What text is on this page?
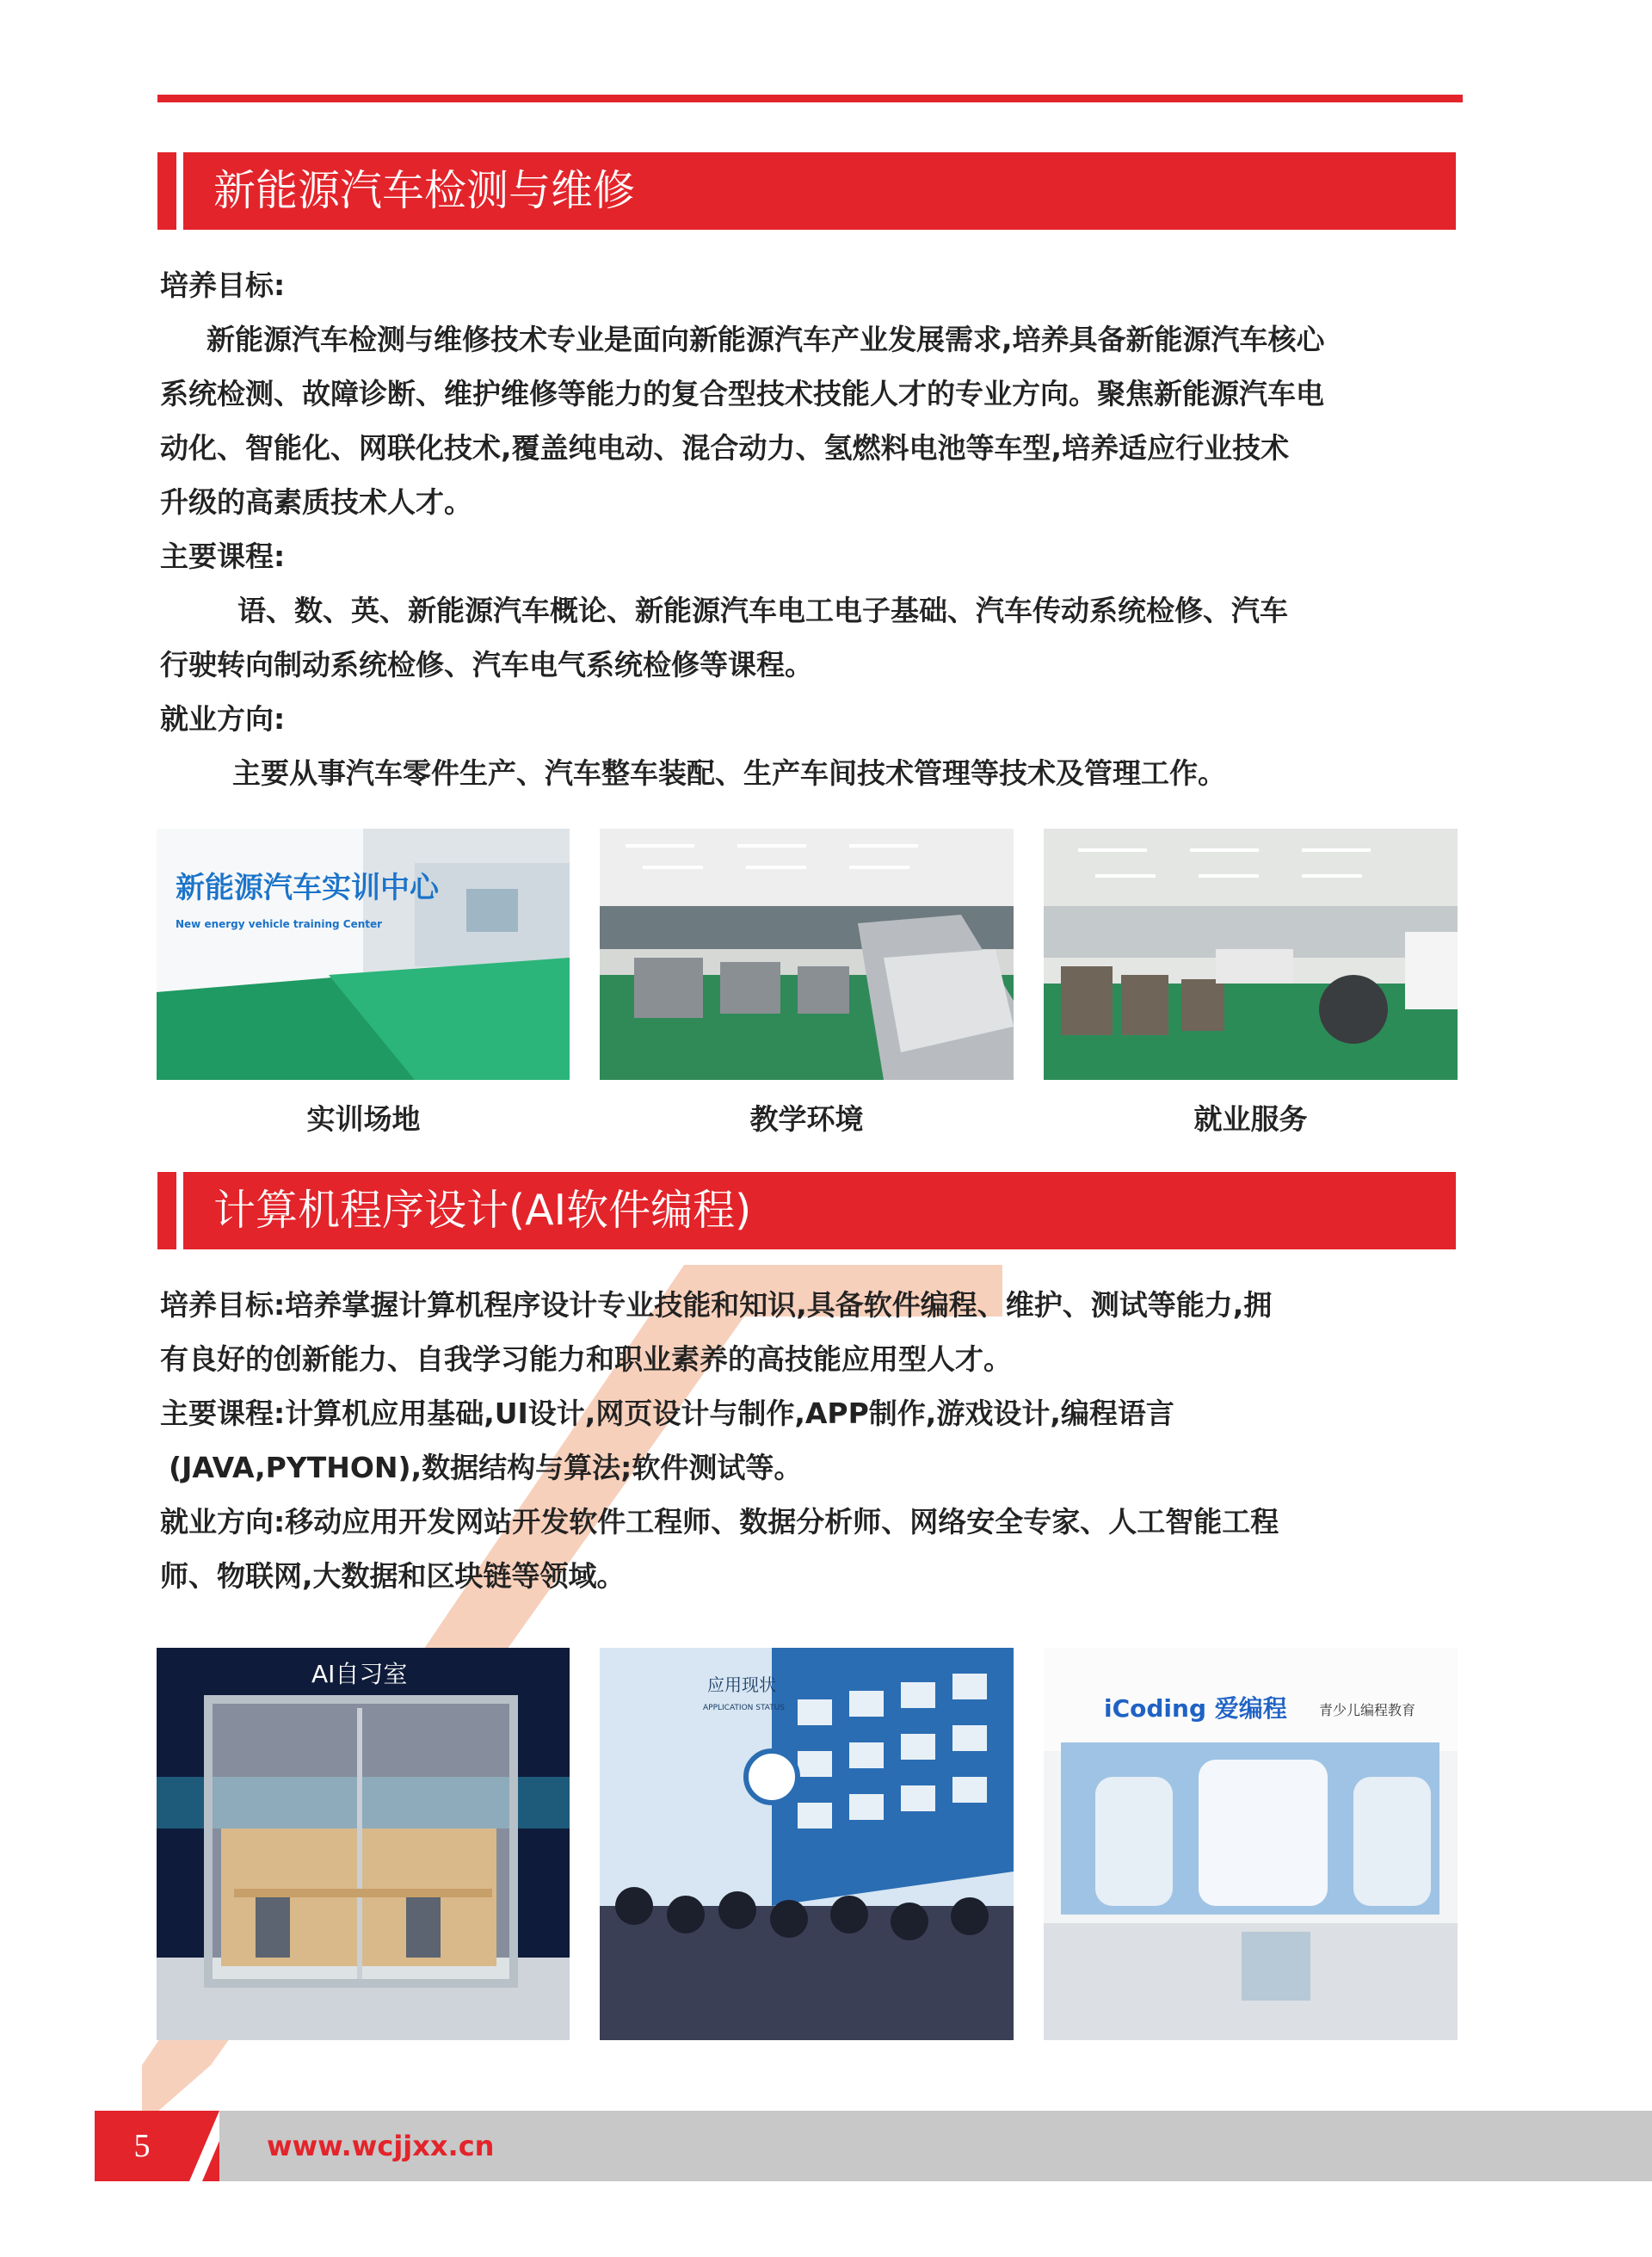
新能源汽车检测与维修
培养目标:
新能源汽车检测与维修技术专业是面向新能源汽车产业发展需求,培养具备新能源汽车核心
系统检测、故障诊断、维护维修等能力的复合型技术技能人才的专业方向。聚焦新能源汽车电
动化、智能化、网联化技术,覆盖纯电动、混合动力、氢燃料电池等车型,培养适应行业技术
升级的高素质技术人才。
主要课程:
语、数、英、新能源汽车概论、新能源汽车电工电子基础、汽车传动系统检修、汽车
行驶转向制动系统检修、汽车电气系统检修等课程。
就业方向:
主要从事汽车零件生产、汽车整车装配、生产车间技术管理等技术及管理工作。
新能源汽车实训中心
New energy vehicle training Center
实训场地	教学环境	就业服务
计算机程序设计(AI软件编程)
培养目标:培养掌握计算机程序设计专业技能和知识,具备软件编程、维护、测试等能力,拥
有良好的创新能力、自我学习能力和职业素养的高技能应用型人才。
主要课程:计算机应用基础,UI设计,网页设计与制作,APP制作,游戏设计,编程语言
(JAVA,PYTHON),数据结构与算法;软件测试等。
就业方向:移动应用开发网站开发软件工程师、数据分析师、网络安全专家、人工智能工程
师、物联网,大数据和区块链等领域。
AI自习室	应用现状
APPLICATION STATUS	iCoding 爱编程 青少儿编程教育
5	www.wcjjxx.cn
